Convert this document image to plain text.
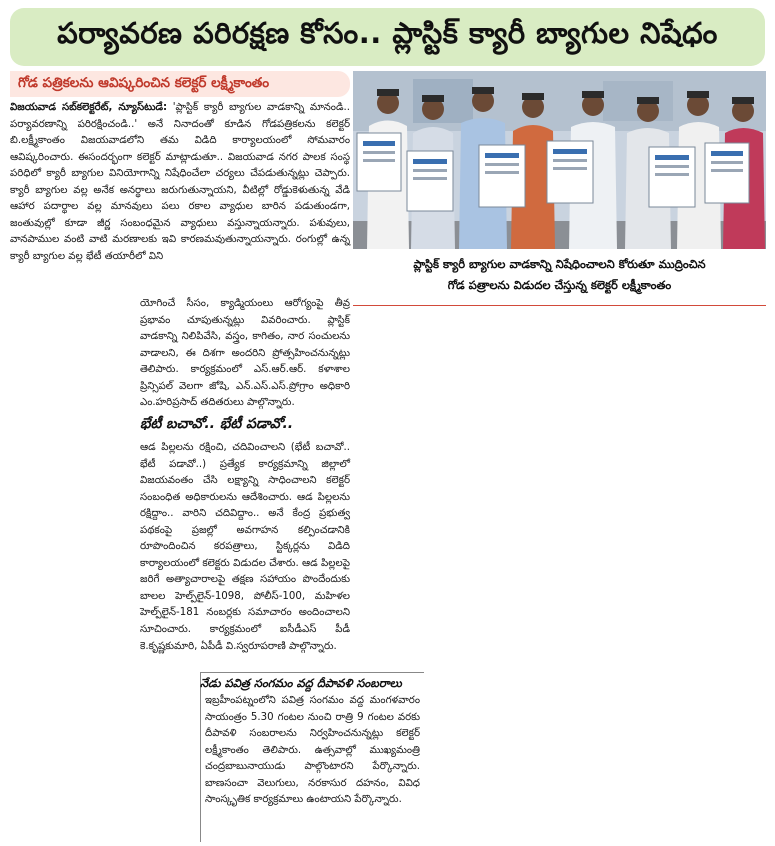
పర్యావరణ పరిరక్షణ కోసం.. ప్లాస్టిక్ క్యారీ బ్యాగుల నిషేధం
గోడ పత్రికలను ఆవిష్కరించిన కలెక్టర్ లక్ష్మీకాంతం
ప్లాస్టిక్ క్యారీ బ్యాగుల వాడకాన్ని నిషేధించాలని కోరుతూ ముద్రించిన
గోడ పత్రాలను విడుదల చేస్తున్న కలెక్టర్ లక్ష్మీకాంతం

విజయవాడ సబ్‌కలెక్టరేట్, న్యూస్‌టుడే: 'ప్లాస్టిక్ క్యారీ బ్యాగుల వాడకాన్ని మానండి.. పర్యావరణాన్ని పరిరక్షించండి..' అనే నినాదంతో కూడిన గోడపత్రికలను కలెక్టర్ బి.లక్ష్మీకాంతం విజయవాడలోని తమ విడిది కార్యాలయంలో సోమవారం ఆవిష్కరించారు. ఈసందర్భంగా కలెక్టర్ మాట్లాడుతూ.. విజయవాడ నగర పాలక సంస్థ పరిధిలో క్యారీ బ్యాగుల వినియోగాన్ని నిషేధించేలా చర్యలు చేపడుతున్నట్లు చెప్పారు. క్యారీ బ్యాగుల వల్ల అనేక అనర్థాలు జరుగుతున్నాయని, వీటిల్లో రోడ్డుకెళుతున్న వేడి ఆహార పదార్థాల వల్ల మానవులు పలు రకాల వ్యాధుల బారిన పడుతుండగా, జంతువుల్లో కూడా జీర్ణ సంబంధమైన వ్యాధులు వస్తున్నాయన్నారు. పశువులు, వానపాముల వంటి వాటి మరణాలకు ఇవి కారణమవుతున్నాయన్నారు. రంగుల్లో ఉన్న క్యారీ బ్యాగుల వల్ల భేటీ తయారీలో విని

యోగించే సీసం, క్యాడ్మియంలు ఆరోగ్యంపై తీవ్ర ప్రభావం చూపుతున్నట్లు వివరించారు. ప్లాస్టిక్ వాడకాన్ని నిలిపివేసి, వస్త్రం, కాగితం, నార సంచులను వాడాలని, ఈ దిశగా అందరిని ప్రోత్సహించనున్నట్లు తెలిపారు. కార్యక్రమంలో ఎస్.ఆర్.ఆర్. కళాశాల ప్రిన్సిపల్ వెలగా జోషి, ఎన్.ఎస్.ఎస్.ప్రోగ్రాం అధికారి ఎం.హరిప్రసాద్ తదితరులు పాల్గొన్నారు.

భేటీ బచావో.. భేటీ పడావో..

ఆడ పిల్లలను రక్షించి, చదివించాలని (భేటీ బచావో.. భేటీ పడావో..) ప్రత్యేక కార్యక్రమాన్ని జిల్లాలో విజయవంతం చేసి లక్ష్యాన్ని సాధించాలని కలెక్టర్ సంబంధిత అధికారులను ఆదేశించారు. ఆడ పిల్లలను రక్షిద్దాం.. వారిని చదివిద్దాం.. అనే కేంద్ర ప్రభుత్వ పథకంపై ప్రజల్లో అవగాహన కల్పించడానికి రూపొందించిన కరపత్రాలు, స్టిక్కర్లను విడిది కార్యాలయంలో కలెక్టరు విడుదల చేశారు. ఆడ పిల్లలపై జరిగే అత్యాచారాలపై తక్షణ సహాయం పొందేందుకు బాలల హెల్ప్‌లైన్-1098, పోలీస్-100, మహిళల హెల్ప్‌లైన్-181 నంబర్లకు సమాచారం అందించాలని సూచించారు. కార్యక్రమంలో ఐసీడీఎస్ పీడీ కె.కృష్ణకుమారి, ఏపీడీ వి.స్వరూపరాణి పాల్గొన్నారు.

నేడు పవిత్ర సంగమం వద్ద దీపావళి సంబరాలు

ఇబ్రహీంపట్నంలోని పవిత్ర సంగమం వద్ద మంగళవారం సాయంత్రం 5.30 గంటల నుంచి రాత్రి 9 గంటల వరకు దీపావళి సంబరాలను నిర్వహించనున్నట్లు కలెక్టర్ లక్ష్మీకాంతం తెలిపారు. ఉత్సవాల్లో ముఖ్యమంత్రి చంద్రబాబునాయుడు పాల్గొంటారని పేర్కొన్నారు. బాణసంచా వెలుగులు, నరకాసుర దహనం, వివిధ సాంస్కృతిక కార్యక్రమాలు ఉంటాయని పేర్కొన్నారు.
